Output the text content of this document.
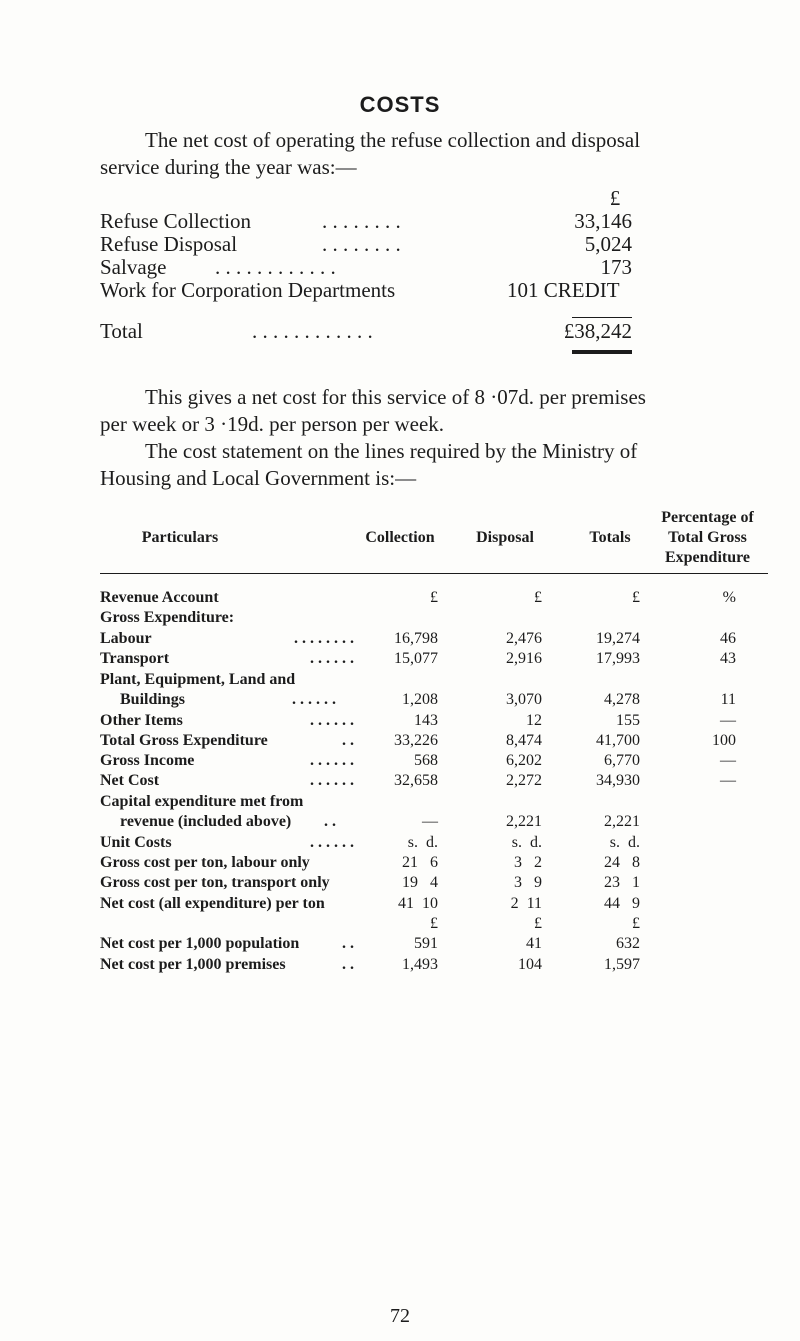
COSTS
The net cost of operating the refuse collection and disposal
service during the year was:—
£
Refuse Collection	. . . . . . . .	33,146
Refuse Disposal	. . . . . . . .	5,024
Salvage . . . . . . . . . . . .	173
Work for Corporation Departments	101 CREDIT
Total	. . . . . . . . . . . .	£38,242
This gives a net cost for this service of 8 ·07d. per premises
per week or 3 ·19d. per person per week.
The cost statement on the lines required by the Ministry of
Housing and Local Government is:—
Particulars	Collection	Disposal	Totals
Percentage of
Total Gross
Expenditure
Revenue Account	£	£	£	%
Gross Expenditure:
Labour	. . . . . . . .	16,798	2,476	19,274	46
Transport	. . . . . .	15,077	2,916	17,993	43
Plant, Equipment, Land and
Buildings	. . . . . .	1,208	3,070	4,278	11
Other Items	. . . . . .	143	12	155	—
Total Gross Expenditure	. .	33,226	8,474	41,700	100
Gross Income	. . . . . .	568	6,202	6,770	—
Net Cost	. . . . . .	32,658	2,272	34,930	—
Capital expenditure met from
revenue (included above)	. .	—	2,221	2,221
Unit Costs	. . . . . .	s.  d.	s.  d.	s.  d.
Gross cost per ton, labour only	21   6	3   2	24   8
Gross cost per ton, transport only	19   4	3   9	23   1
Net cost (all expenditure) per ton	41  10	2  11	44   9
£	£	£
Net cost per 1,000 population	. .	591	41	632
Net cost per 1,000 premises	. .	1,493	104	1,597
72
